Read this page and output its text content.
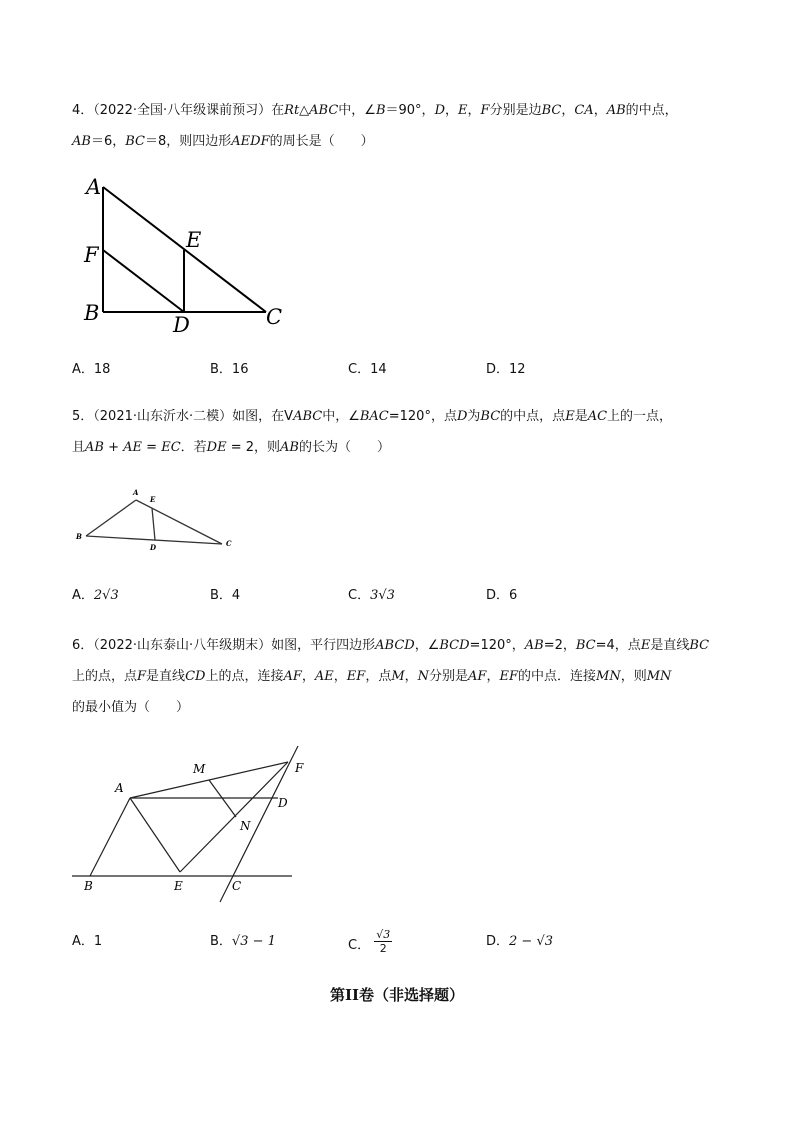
4．（2022·全国·八年级课前预习）在Rt△ABC中，∠B＝90°，D，E，F分别是边BC，CA，AB的中点，
AB＝6，BC＝8，则四边形AEDF的周长是（　　）
A
F
B	D
E
C
A．18	B．16	C．14	D．12
5．（2021·山东沂水·二模）如图，在VABC中，∠BAC=120°，点D为BC的中点，点E是AC上的一点，
且AB + AE = EC．若DE = 2，则AB的长为（　　）
A
E
B
D	C
A．2√3	B．4	C．3√3	D．6
6．（2022·山东泰山·八年级期末）如图，平行四边形ABCD，∠BCD=120°，AB=2，BC=4，点E是直线BC
上的点，点F是直线CD上的点，连接AF，AE，EF，点M，N分别是AF，EF的中点．连接MN，则MN
的最小值为（　　）
A
M	F
D
N
B	E	C
A．1	B．√3 − 1	C． $\frac{√3}{2}$	D．2 − √3
第II卷（非选择题）
